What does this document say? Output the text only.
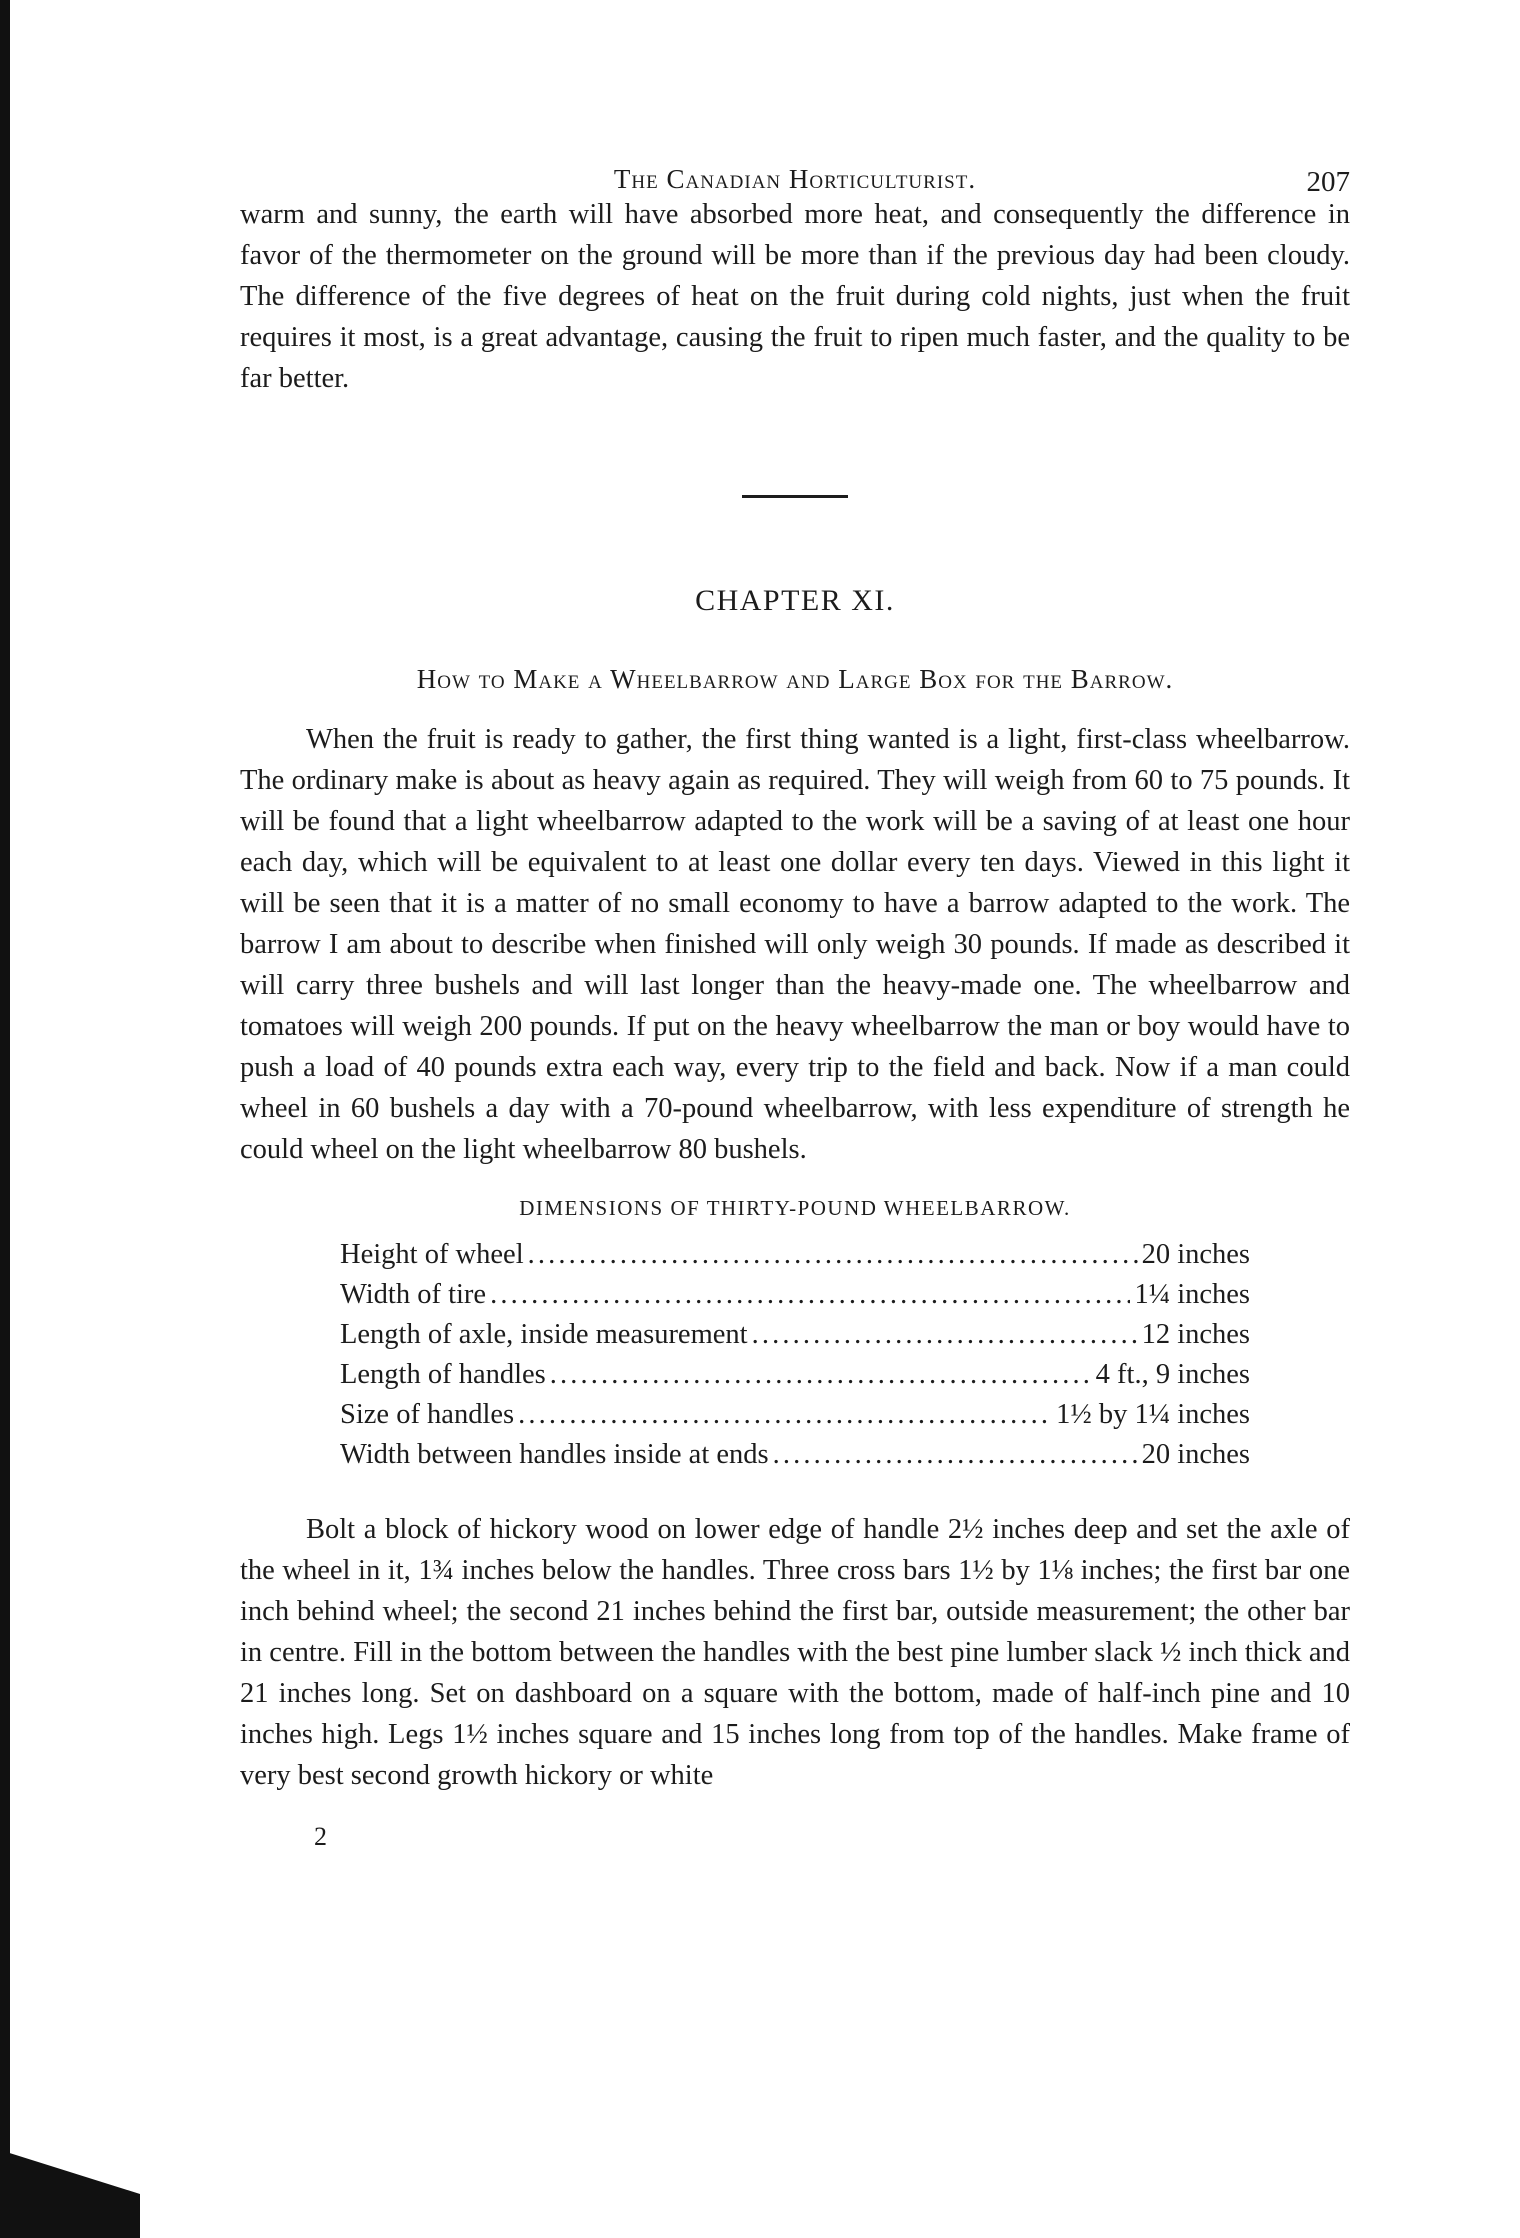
The Canadian Horticulturist.	207

warm and sunny, the earth will have absorbed more heat, and consequently the difference in favor of the thermometer on the ground will be more than if the previous day had been cloudy. The difference of the five degrees of heat on the fruit during cold nights, just when the fruit requires it most, is a great advantage, causing the fruit to ripen much faster, and the quality to be far better.

CHAPTER XI.
How to Make a Wheelbarrow and Large Box for the Barrow.

When the fruit is ready to gather, the first thing wanted is a light, first-class wheelbarrow. The ordinary make is about as heavy again as required. They will weigh from 60 to 75 pounds. It will be found that a light wheelbarrow adapted to the work will be a saving of at least one hour each day, which will be equivalent to at least one dollar every ten days. Viewed in this light it will be seen that it is a matter of no small economy to have a barrow adapted to the work. The barrow I am about to describe when finished will only weigh 30 pounds. If made as described it will carry three bushels and will last longer than the heavy-made one. The wheelbarrow and tomatoes will weigh 200 pounds. If put on the heavy wheelbarrow the man or boy would have to push a load of 40 pounds extra each way, every trip to the field and back. Now if a man could wheel in 60 bushels a day with a 70-pound wheelbarrow, with less expenditure of strength he could wheel on the light wheelbarrow 80 bushels.

DIMENSIONS OF THIRTY-POUND WHEELBARROW.
Height of wheel . . .	20 inches
Width of tire . . .	1¼ inches
Length of axle, inside measurement . . .	12 inches
Length of handles . . .	4 ft., 9 inches
Size of handles . . .	1½ by 1¼ inches
Width between handles inside at ends . . .	20 inches

Bolt a block of hickory wood on lower edge of handle 2½ inches deep and set the axle of the wheel in it, 1¾ inches below the handles. Three cross bars 1½ by 1⅛ inches; the first bar one inch behind wheel; the second 21 inches behind the first bar, outside measurement; the other bar in centre. Fill in the bottom between the handles with the best pine lumber slack ½ inch thick and 21 inches long. Set on dashboard on a square with the bottom, made of half-inch pine and 10 inches high. Legs 1½ inches square and 15 inches long from top of the handles. Make frame of very best second growth hickory or white

2
